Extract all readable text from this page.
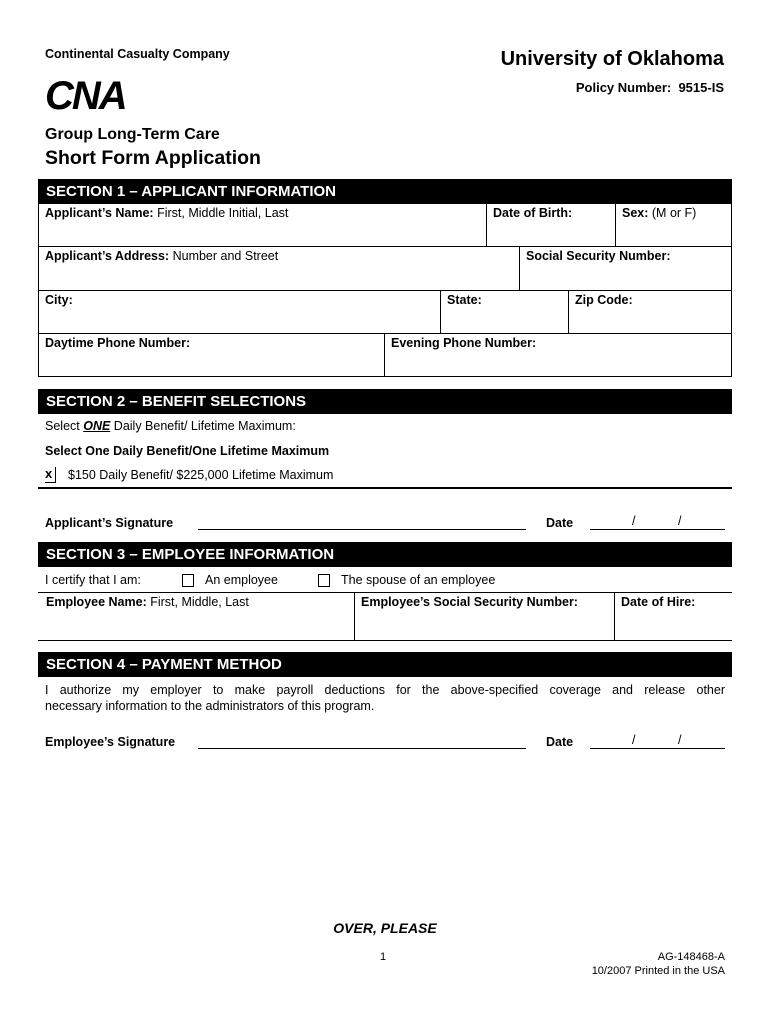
Continental Casualty Company
CNA
University of Oklahoma
Policy Number: 9515-IS
Group Long-Term Care
Short Form Application
SECTION 1 – APPLICANT INFORMATION
Applicant’s Name: First, Middle Initial, Last	Date of Birth:	Sex: (M or F)
Applicant’s Address: Number and Street	Social Security Number:
City:	State:	Zip Code:
Daytime Phone Number:	Evening Phone Number:
SECTION 2 – BENEFIT SELECTIONS
Select ONE Daily Benefit/ Lifetime Maximum:
Select One Daily Benefit/One Lifetime Maximum
x	$150 Daily Benefit/ $225,000 Lifetime Maximum
Applicant’s Signature	Date	/	/
SECTION 3 – EMPLOYEE INFORMATION
I certify that I am:	An employee	The spouse of an employee
Employee Name: First, Middle, Last	Employee’s Social Security Number:	Date of Hire:
SECTION 4 – PAYMENT METHOD
I authorize my employer to make payroll deductions for the above-specified coverage and release other
necessary information to the administrators of this program.
Employee’s Signature	Date	/	/
OVER, PLEASE
1	AG-148468-A
10/2007 Printed in the USA
